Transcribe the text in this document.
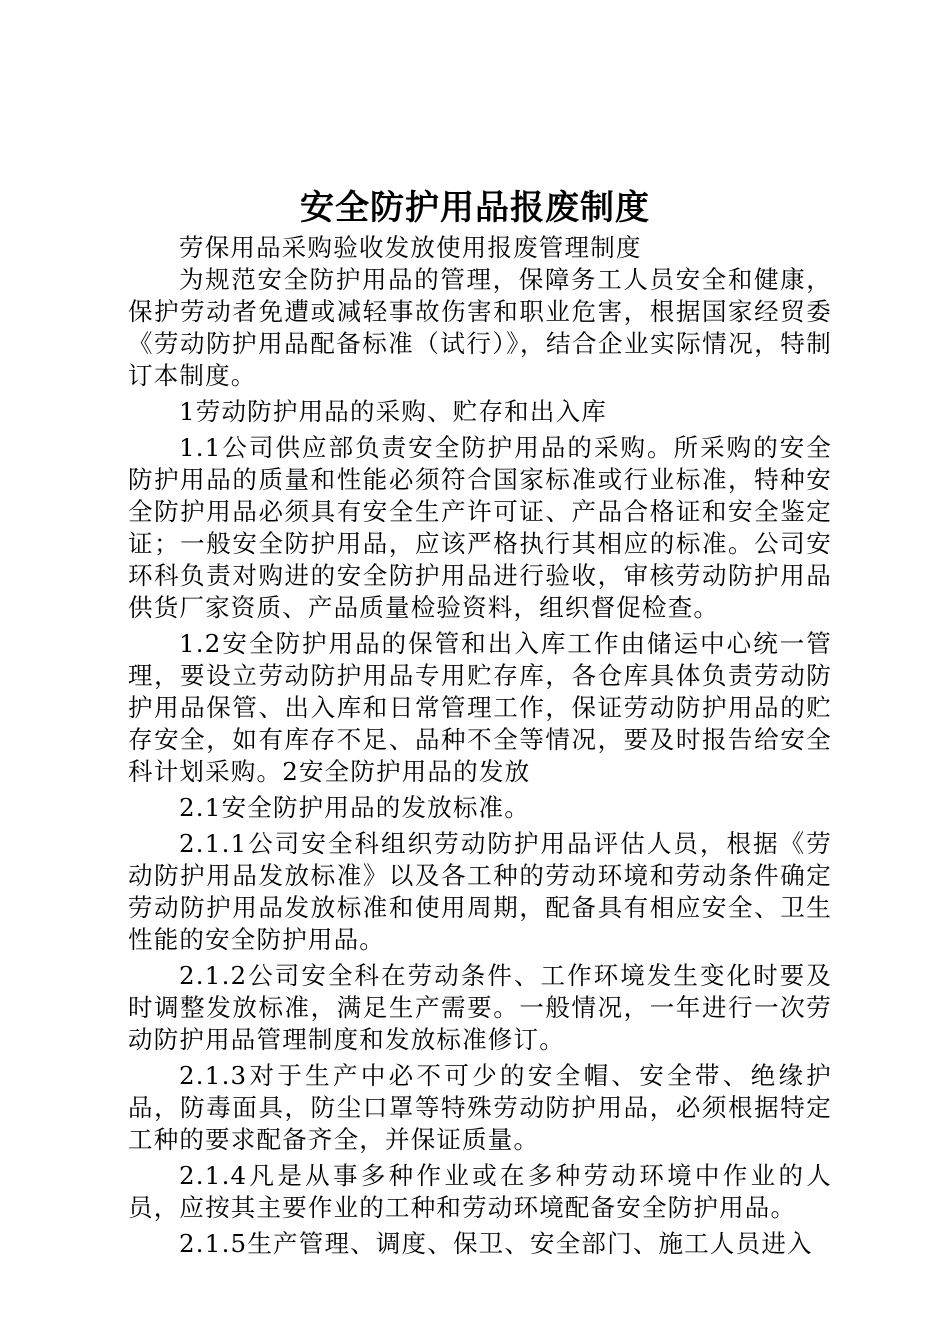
安全防护用品报废制度

劳保用品采购验收发放使用报废管理制度

为规范安全防护用品的管理，保障务工人员安全和健康，保护劳动者免遭或减轻事故伤害和职业危害，根据国家经贸委《劳动防护用品配备标准（试行）》，结合企业实际情况，特制订本制度。

1劳动防护用品的采购、贮存和出入库

1.1公司供应部负责安全防护用品的采购。所采购的安全防护用品的质量和性能必须符合国家标准或行业标准，特种安全防护用品必须具有安全生产许可证、产品合格证和安全鉴定证；一般安全防护用品，应该严格执行其相应的标准。公司安环科负责对购进的安全防护用品进行验收，审核劳动防护用品供货厂家资质、产品质量检验资料，组织督促检查。

1.2安全防护用品的保管和出入库工作由储运中心统一管理，要设立劳动防护用品专用贮存库，各仓库具体负责劳动防护用品保管、出入库和日常管理工作，保证劳动防护用品的贮存安全，如有库存不足、品种不全等情况，要及时报告给安全科计划采购。2安全防护用品的发放

2.1安全防护用品的发放标准。

2.1.1公司安全科组织劳动防护用品评估人员，根据《劳动防护用品发放标准》以及各工种的劳动环境和劳动条件确定劳动防护用品发放标准和使用周期，配备具有相应安全、卫生性能的安全防护用品。

2.1.2公司安全科在劳动条件、工作环境发生变化时要及时调整发放标准，满足生产需要。一般情况，一年进行一次劳动防护用品管理制度和发放标准修订。

2.1.3对于生产中必不可少的安全帽、安全带、绝缘护品，防毒面具，防尘口罩等特殊劳动防护用品，必须根据特定工种的要求配备齐全，并保证质量。

2.1.4凡是从事多种作业或在多种劳动环境中作业的人员，应按其主要作业的工种和劳动环境配备安全防护用品。

2.1.5生产管理、调度、保卫、安全部门、施工人员进入
